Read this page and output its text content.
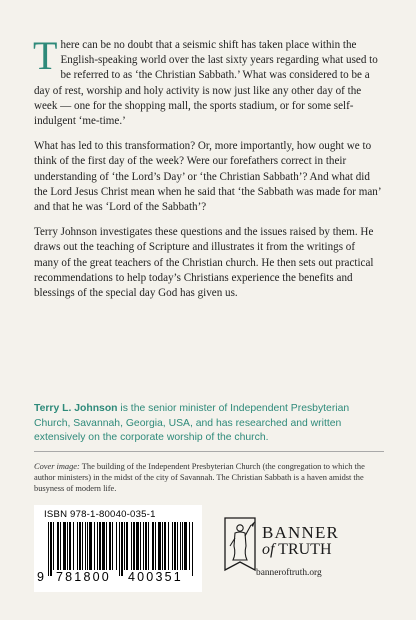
There can be no doubt that a seismic shift has taken place within the English-speaking world over the last sixty years regarding what used to be referred to as ‘the Christian Sabbath.’ What was considered to be a day of rest, worship and holy activity is now just like any other day of the week — one for the shopping mall, the sports stadium, or for some self-indulgent ‘me-time.’

What has led to this transformation? Or, more importantly, how ought we to think of the first day of the week? Were our forefathers correct in their understanding of ‘the Lord’s Day’ or ‘the Christian Sabbath’? And what did the Lord Jesus Christ mean when he said that ‘the Sabbath was made for man’ and that he was ‘Lord of the Sabbath’?

Terry Johnson investigates these questions and the issues raised by them. He draws out the teaching of Scripture and illustrates it from the writings of many of the great teachers of the Christian church. He then sets out practical recommendations to help today’s Christians experience the benefits and blessings of the special day God has given us.

Terry L. Johnson is the senior minister of Independent Presbyterian Church, Savannah, Georgia, USA, and has researched and written extensively on the corporate worship of the church.
Cover image: The building of the Independent Presbyterian Church (the congregation to which the author ministers) in the midst of the city of Savannah. The Christian Sabbath is a haven amidst the busyness of modern life.
ISBN 978-1-80040-035-1
9 781800 400351
BANNER
of TRUTH
banneroftruth.org
